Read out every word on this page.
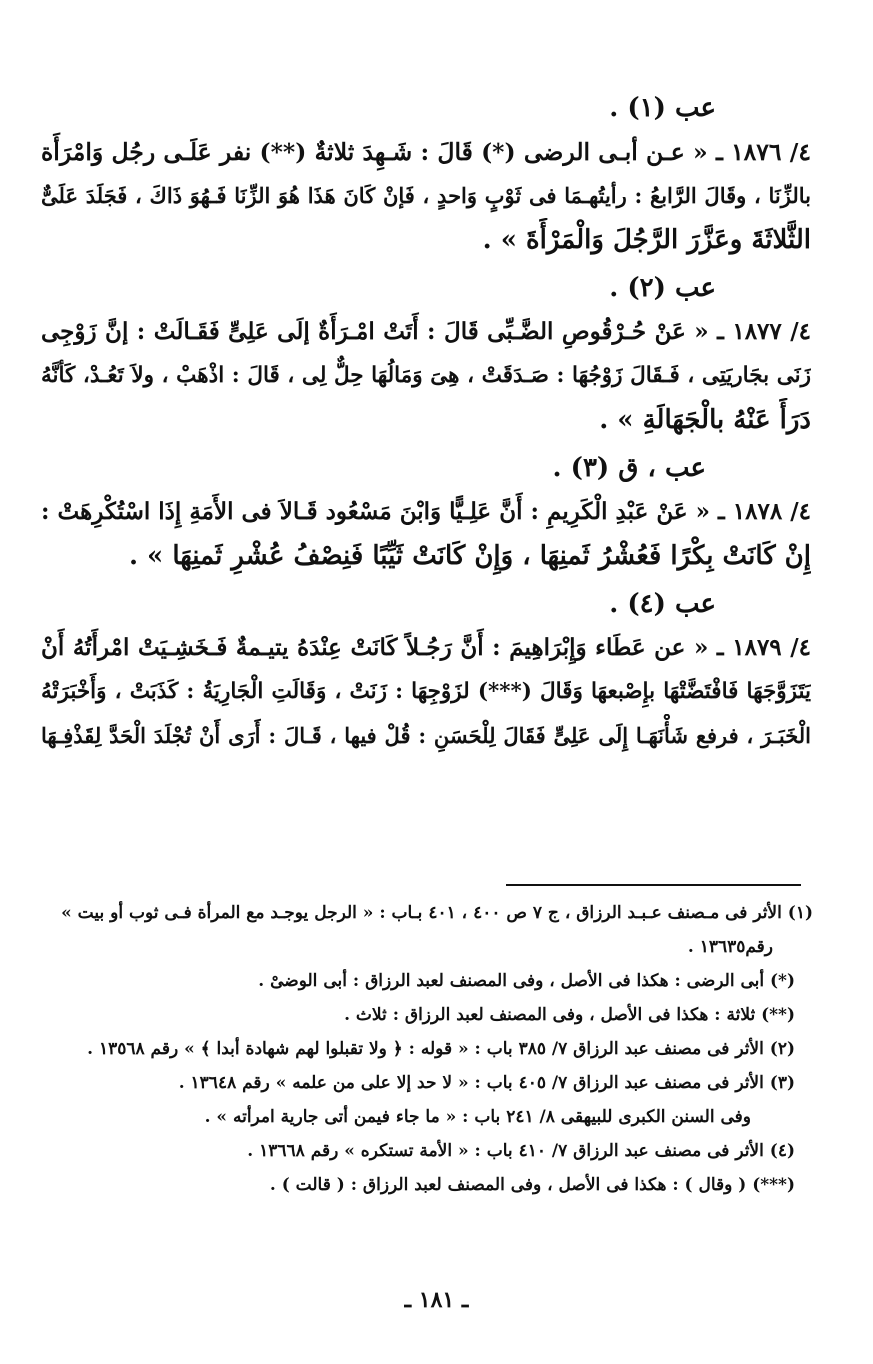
عب (١) .
٤/ ١٨٧٦ ـ « عـن أبـى الرضى (*) قَالَ : شَـهِدَ ثلاثةٌ (**) نفر عَلَـى رجُل وَامْرَأَة
بالزِّنَا ، وقَالَ الرَّابعُ : رأيتُهـمَا فى ثَوْبٍ وَاحدٍ ، فَإنْ كَانَ هَذَا هُوَ الزِّنَا فَـهُوَ ذَاكَ ، فَجَلَدَ عَلَىٌّ
الثَّلاثَةَ وعَزَّرَ الرَّجُلَ وَالْمَرْأَةَ » .
عب (٢) .
٤/ ١٨٧٧ ـ « عَنْ حُـرْقُوصِ الضَّـبِّى قَالَ : أَتَتْ امْـرَأَةٌ إلَى عَلِىٍّ فَقَـالَتْ : إنَّ زَوْجِى
زَنَى بجَاريَتِى ، فَـقَالَ زَوْجُهَا : صَـدَقَتْ ، هِىَ وَمَالُهَا حِلٌّ لِى ، قَالَ : اذْهَبْ ، ولاَ تَعُـدْ، كَأنَّهُ
دَرَأَ عَنْهُ بالْجَهَالَةِ » .
عب ، ق (٣) .
٤/ ١٨٧٨ ـ « عَنْ عَبْدِ الْكَرِيمِ : أَنَّ عَلِـيًّا وَابْنَ مَسْعُود قَـالاَ فى الأَمَةِ إِذَا اسْتُكْرِهَتْ :
إِنْ كَانَتْ بِكْرًا فَعُشْرُ ثَمنِهَا ، وَإِنْ كَانَتْ ثَيِّبًا فَنِصْفُ عُشْرِ ثَمنِهَا » .
عب (٤) .
٤/ ١٨٧٩ ـ « عن عَطَاء وَإِبْرَاهِيمَ : أَنَّ رَجُـلاً كَانَتْ عِنْدَهُ يتيـمةٌ فَـخَشِـيَتْ امْرأَتُهُ أَنْ
يَتَزَوَّجَهَا فَافْتَضَّتْهَا بإِصْبعهَا وَقَالَ (***) لزَوْجِهَا : زَنَتْ ، وَقَالَتِ الْجَارِيَةُ : كَذَبَتْ ، وَأَخْبَرَتْهُ
الْخَبَـرَ ، فرفع شَأْنَهَـا إِلَى عَلِىٍّ فَقَالَ لِلْحَسَنِ : قُلْ فيها ، قَـالَ : أَرَى أَنْ تُجْلَدَ الْحَدَّ لِقَذْفِـهَا
(١) الأثر فى مـصنف عـبـد الرزاق ، ج ٧ ص ٤٠٠ ، ٤٠١ بـاب : « الرجل يوجـد مع المرأة فـى ثوب أو بيت »
رقم١٣٦٣٥ .
(*) أبى الرضى : هكذا فى الأصل ، وفى المصنف لعبد الرزاق : أبى الوضىْ .
(**) ثلاثة : هكذا فى الأصل ، وفى المصنف لعبد الرزاق : ثلاث .
(٢) الأثر فى مصنف عبد الرزاق ٧/ ٣٨٥ باب : « قوله : ﴿ ولا تقبلوا لهم شهادة أبدا ﴾ » رقم ١٣٥٦٨ .
(٣) الأثر فى مصنف عبد الرزاق ٧/ ٤٠٥ باب : « لا حد إلا على من علمه » رقم ١٣٦٤٨ .
وفى السنن الكبرى للبيهقى ٨/ ٢٤١ باب : « ما جاء فيمن أتى جارية امرأته » .
(٤) الأثر فى مصنف عبد الرزاق ٧/ ٤١٠ باب : « الأمة تستكره » رقم ١٣٦٦٨ .
(***) ( وقال ) : هكذا فى الأصل ، وفى المصنف لعبد الرزاق : ( قالت ) .
ـ ١٨١ ـ
